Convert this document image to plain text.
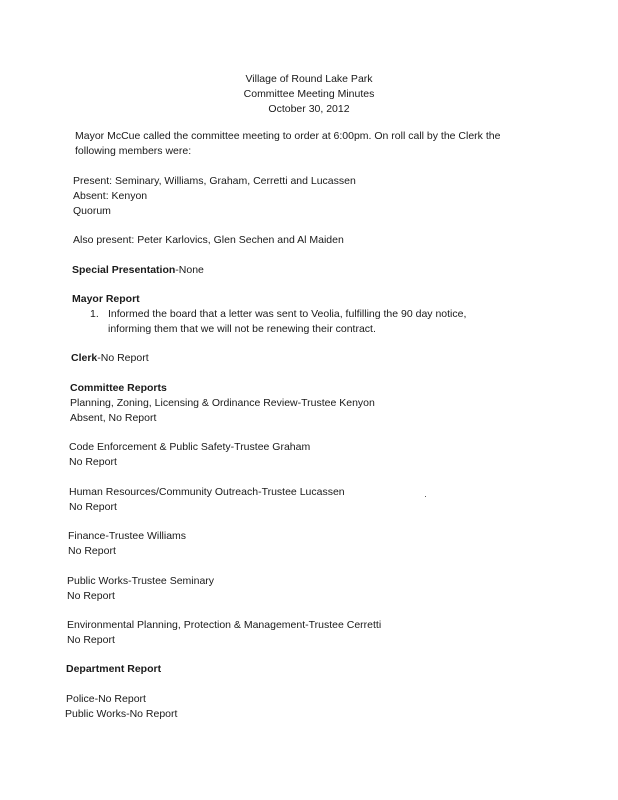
Village of Round Lake Park
Committee Meeting Minutes
October 30, 2012
Mayor McCue called the committee meeting to order at 6:00pm. On roll call by the Clerk the
following members were:
Present: Seminary, Williams, Graham, Cerretti and Lucassen
Absent: Kenyon
Quorum
Also present: Peter Karlovics, Glen Sechen and Al Maiden
Special Presentation-None
Mayor Report
1. Informed the board that a letter was sent to Veolia, fulfilling the 90 day notice,
informing them that we will not be renewing their contract.
Clerk-No Report
Committee Reports
Planning, Zoning, Licensing & Ordinance Review-Trustee Kenyon
Absent, No Report
Code Enforcement & Public Safety-Trustee Graham
No Report
Human Resources/Community Outreach-Trustee Lucassen
No Report
Finance-Trustee Williams
No Report
Public Works-Trustee Seminary
No Report
Environmental Planning, Protection & Management-Trustee Cerretti
No Report
Department Report
Police-No Report
Public Works-No Report
